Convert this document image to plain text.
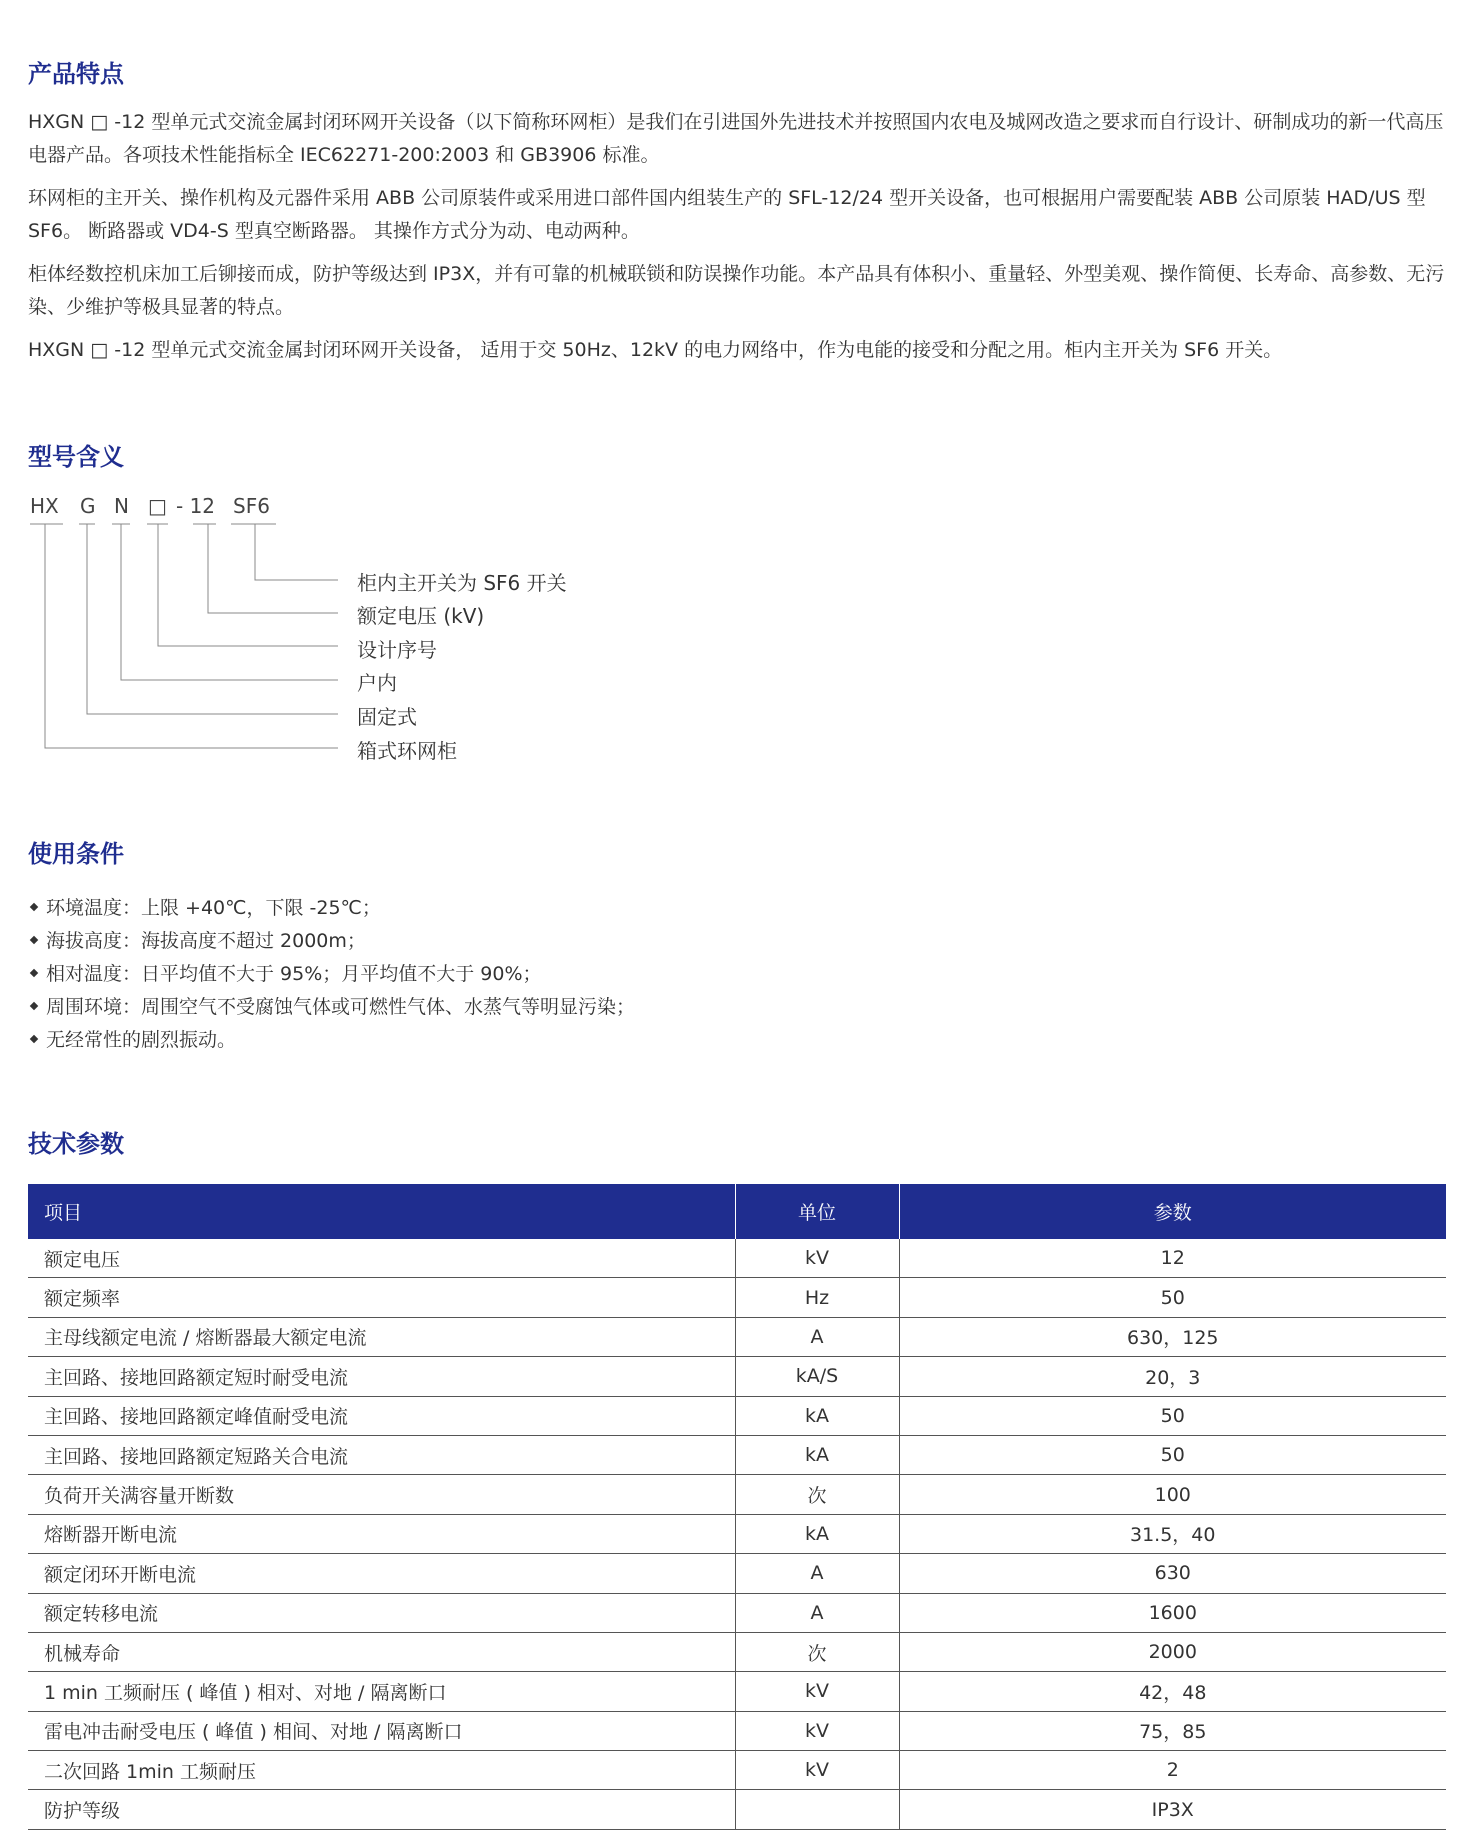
产品特点

HXGN □ -12 型单元式交流金属封闭环网开关设备（以下简称环网柜）是我们在引进国外先进技术并按照国内农电及城网改造之要求而自行设计、研制成功的新一代高压电器产品。各项技术性能指标全 IEC62271-200:2003 和 GB3906 标准。

环网柜的主开关、操作机构及元器件采用 ABB 公司原装件或采用进口部件国内组装生产的 SFL-12/24 型开关设备，也可根据用户需要配装 ABB 公司原装 HAD/US 型 SF6。 断路器或 VD4-S 型真空断路器。 其操作方式分为动、电动两种。

柜体经数控机床加工后铆接而成，防护等级达到 IP3X，并有可靠的机械联锁和防误操作功能。本产品具有体积小、重量轻、外型美观、操作简便、长寿命、高参数、无污染、少维护等极具显著的特点。

HXGN □ -12 型单元式交流金属封闭环网开关设备， 适用于交 50Hz、12kV 的电力网络中，作为电能的接受和分配之用。柜内主开关为 SF6 开关。

型号含义
HX G N □ - 12 SF6
柜内主开关为 SF6 开关
额定电压 (kV)
设计序号
户内
固定式
箱式环网柜
使用条件
环境温度：上限 +40℃，下限 -25℃；
海拔高度：海拔高度不超过 2000m；
相对温度：日平均值不大于 95%；月平均值不大于 90%；
周围环境：周围空气不受腐蚀气体或可燃性气体、水蒸气等明显污染；
无经常性的剧烈振动。
技术参数
项目	单位	参数
额定电压	kV	12
额定频率	Hz	50
主母线额定电流 / 熔断器最大额定电流	A	630，125
主回路、接地回路额定短时耐受电流	kA/S	20，3
主回路、接地回路额定峰值耐受电流	kA	50
主回路、接地回路额定短路关合电流	kA	50
负荷开关满容量开断数	次	100
熔断器开断电流	kA	31.5，40
额定闭环开断电流	A	630
额定转移电流	A	1600
机械寿命	次	2000
1 min 工频耐压 ( 峰值 ) 相对、对地 / 隔离断口	kV	42，48
雷电冲击耐受电压 ( 峰值 ) 相间、对地 / 隔离断口	kV	75，85
二次回路 1min 工频耐压	kV	2
防护等级		IP3X
